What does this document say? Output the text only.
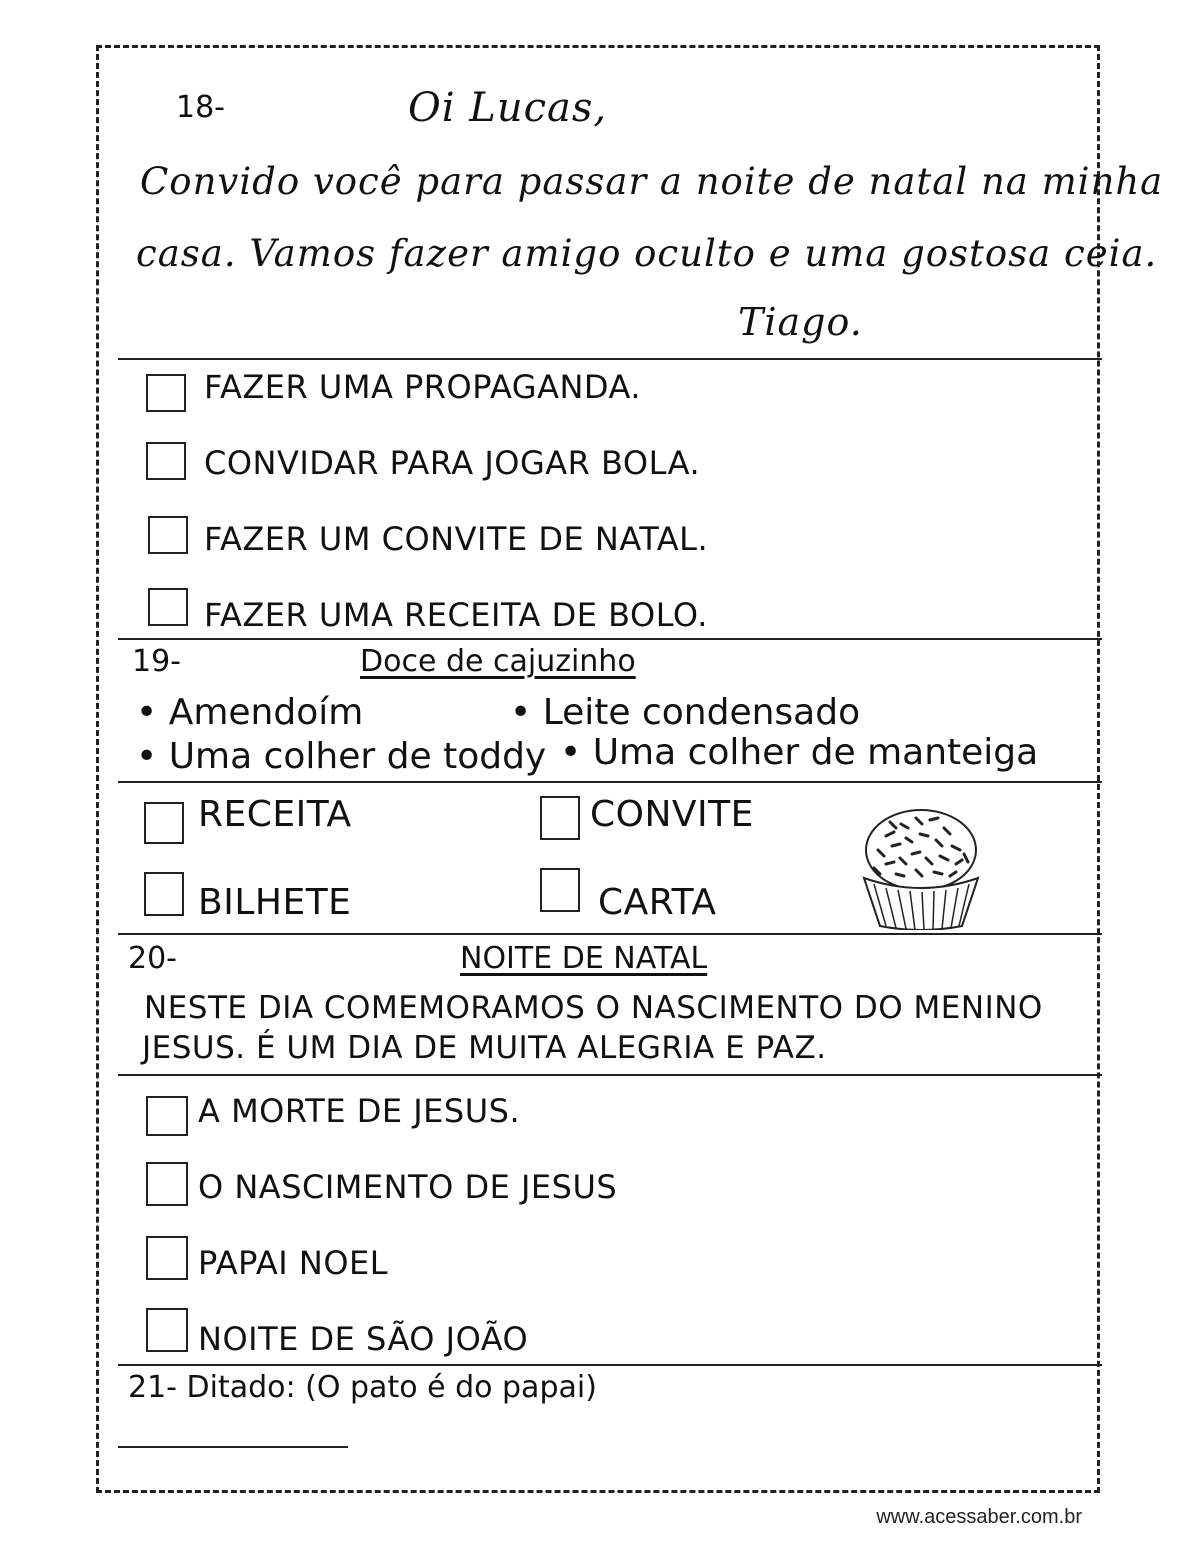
18-	Oi Lucas,
Convido você para passar a noite de natal na minha
casa. Vamos fazer amigo oculto e uma gostosa ceia.
Tiago.
FAZER UMA PROPAGANDA.
CONVIDAR PARA JOGAR BOLA.
FAZER UM CONVITE DE NATAL.
FAZER UMA RECEITA DE BOLO.
19-	Doce de cajuzinho
• Amendoím	• Leite condensado
• Uma colher de toddy • Uma colher de manteiga
RECEITA	CONVITE
BILHETE	CARTA
20-	NOITE DE NATAL
NESTE DIA COMEMORAMOS O NASCIMENTO DO MENINO
JESUS. É UM DIA DE MUITA ALEGRIA E PAZ.
A MORTE DE JESUS.
O NASCIMENTO DE JESUS
PAPAI NOEL
NOITE DE SÃO JOÃO
21- Ditado: (O pato é do papai)
www.acessaber.com.br
